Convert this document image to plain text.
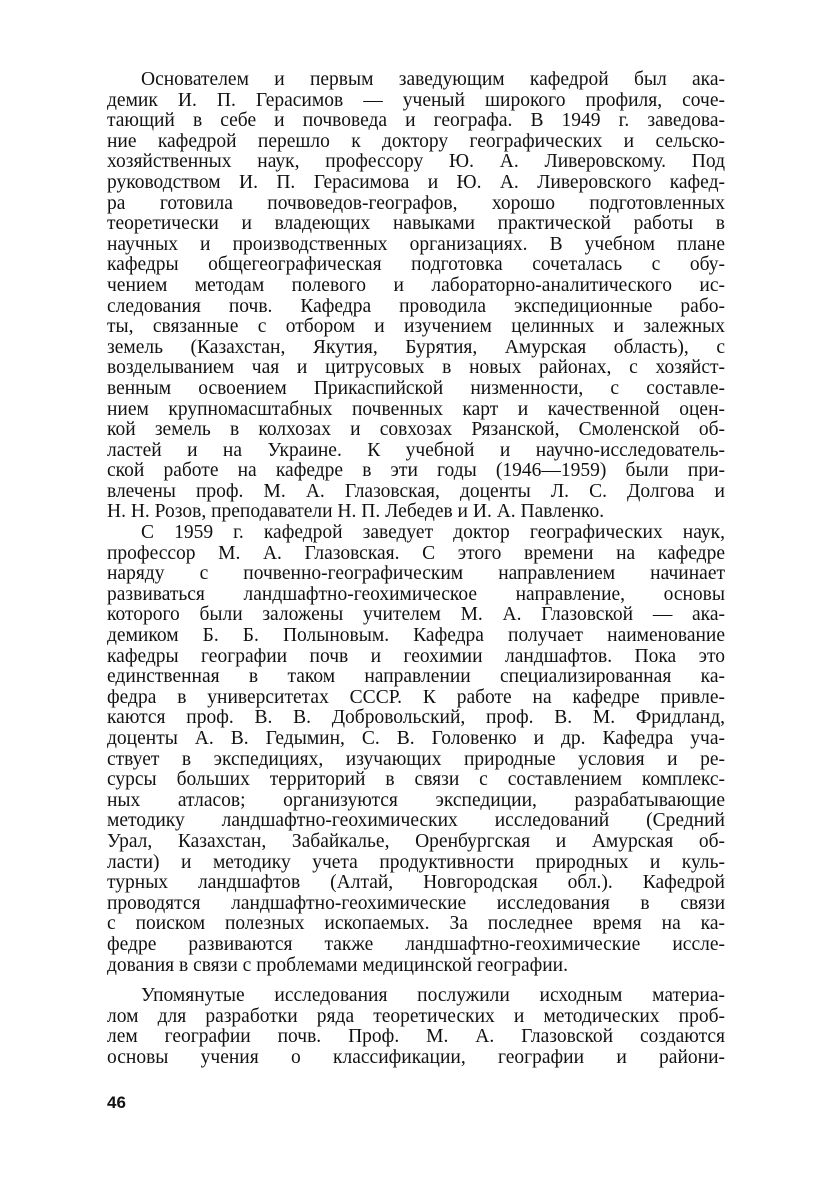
Основателем и первым заведующим кафедрой был ака-
демик И. П. Герасимов — ученый широкого профиля, соче-
тающий в себе и почвоведа и географа. В 1949 г. заведова-
ние кафедрой перешло к доктору географических и сельско-
хозяйственных наук, профессору Ю. А. Ливеровскому. Под
руководством И. П. Герасимова и Ю. А. Ливеровского кафед-
ра готовила почвоведов-географов, хорошо подготовленных
теоретически и владеющих навыками практической работы в
научных и производственных организациях. В учебном плане
кафедры общегеографическая подготовка сочеталась с обу-
чением методам полевого и лабораторно-аналитического ис-
следования почв. Кафедра проводила экспедиционные рабо-
ты, связанные с отбором и изучением целинных и залежных
земель (Казахстан, Якутия, Бурятия, Амурская область), с
возделыванием чая и цитрусовых в новых районах, с хозяйст-
венным освоением Прикаспийской низменности, с составле-
нием крупномасштабных почвенных карт и качественной оцен-
кой земель в колхозах и совхозах Рязанской, Смоленской об-
ластей и на Украине. К учебной и научно-исследователь-
ской работе на кафедре в эти годы (1946—1959) были при-
влечены проф. М. А. Глазовская, доценты Л. С. Долгова и
Н. Н. Розов, преподаватели Н. П. Лебедев и И. А. Павленко.
С 1959 г. кафедрой заведует доктор географических наук,
профессор М. А. Глазовская. С этого времени на кафедре
наряду с почвенно-географическим направлением начинает
развиваться ландшафтно-геохимическое направление, основы
которого были заложены учителем М. А. Глазовской — ака-
демиком Б. Б. Полыновым. Кафедра получает наименование
кафедры географии почв и геохимии ландшафтов. Пока это
единственная в таком направлении специализированная ка-
федра в университетах СССР. К работе на кафедре привле-
каются проф. В. В. Добровольский, проф. В. М. Фридланд,
доценты А. В. Гедымин, С. В. Головенко и др. Кафедра уча-
ствует в экспедициях, изучающих природные условия и ре-
сурсы больших территорий в связи с составлением комплекс-
ных атласов; организуются экспедиции, разрабатывающие
методику ландшафтно-геохимических исследований (Средний
Урал, Казахстан, Забайкалье, Оренбургская и Амурская об-
ласти) и методику учета продуктивности природных и куль-
турных ландшафтов (Алтай, Новгородская обл.). Кафедрой
проводятся ландшафтно-геохимические исследования в связи
с поиском полезных ископаемых. За последнее время на ка-
федре развиваются также ландшафтно-геохимические иссле-
дования в связи с проблемами медицинской географии.
Упомянутые исследования послужили исходным материа-
лом для разработки ряда теоретических и методических проб-
лем географии почв. Проф. М. А. Глазовской создаются
основы учения о классификации, географии и райони-
46
